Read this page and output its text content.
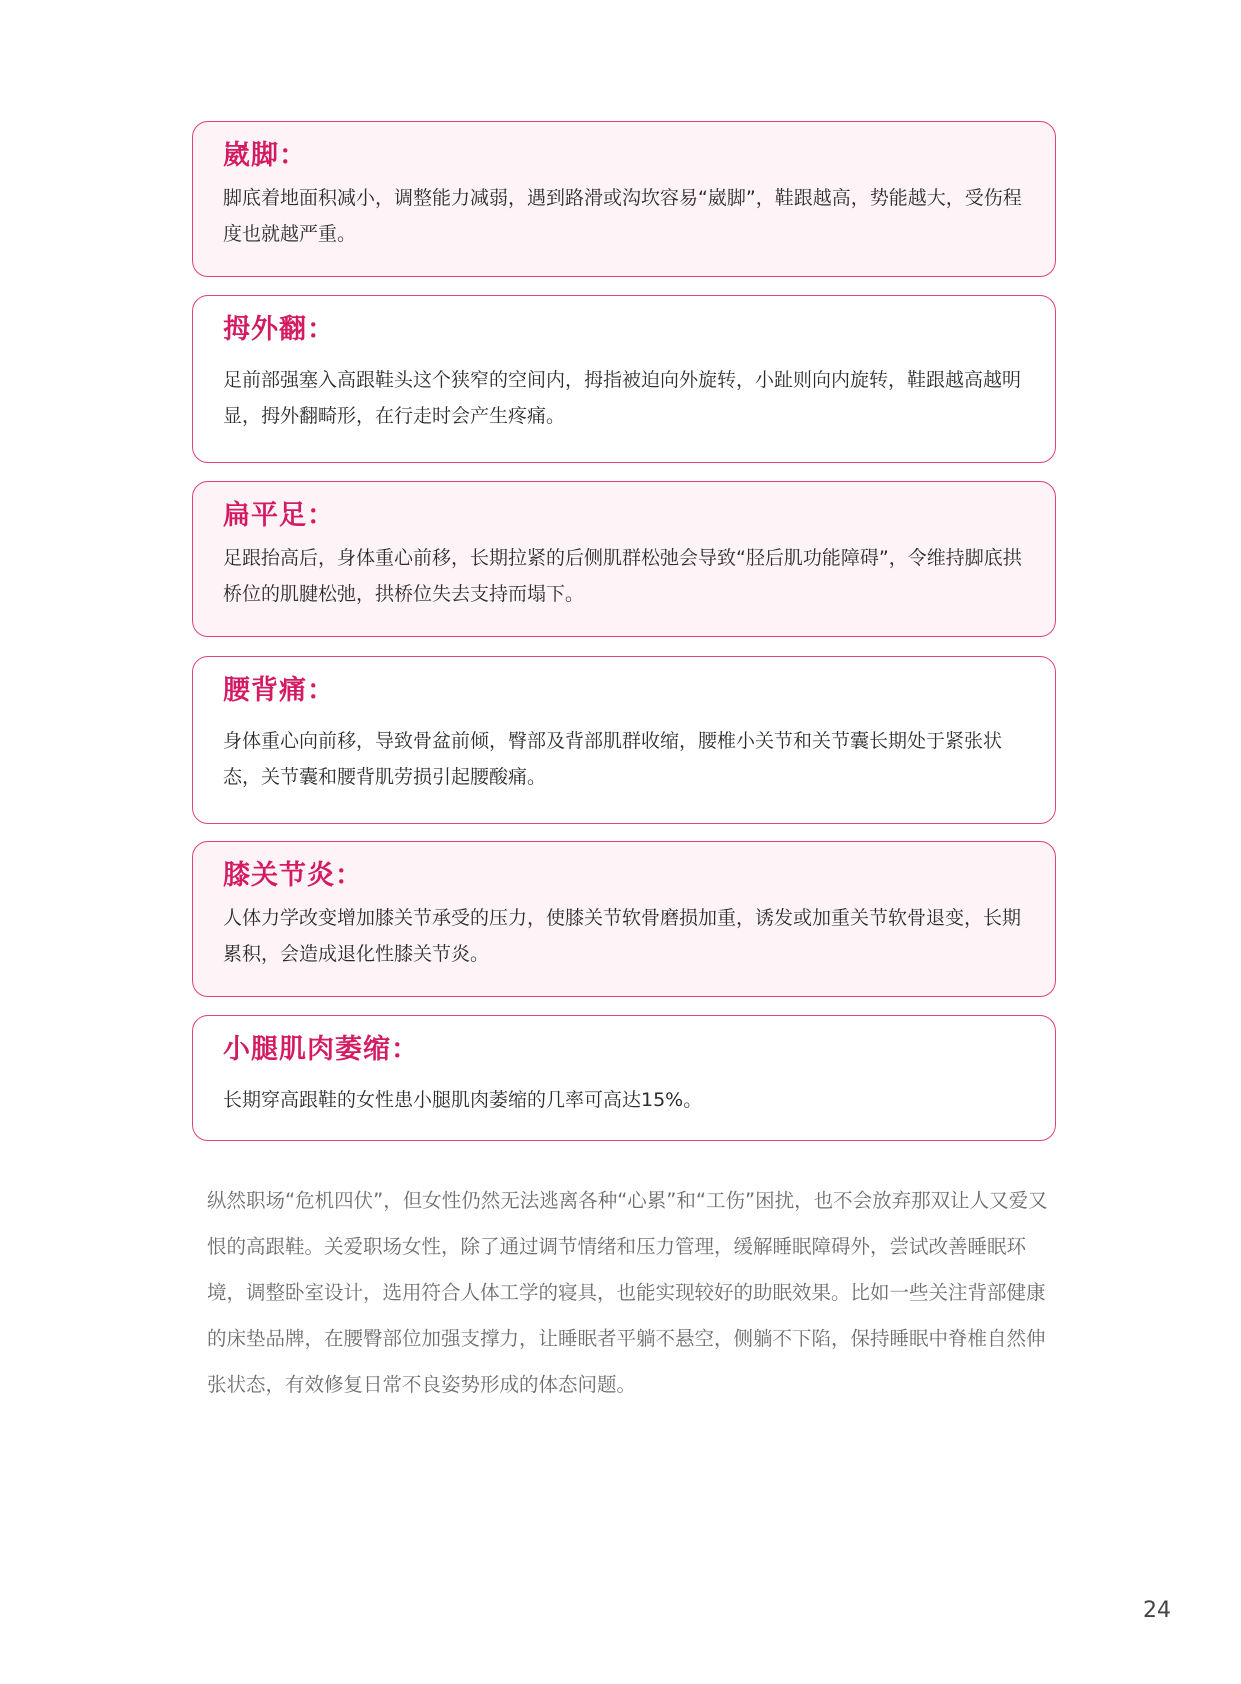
崴脚：

脚底着地面积减小，调整能力减弱，遇到路滑或沟坎容易“崴脚”，鞋跟越高，势能越大，受伤程度也就越严重。

拇外翻：

足前部强塞入高跟鞋头这个狭窄的空间内，拇指被迫向外旋转，小趾则向内旋转，鞋跟越高越明显，拇外翻畸形，在行走时会产生疼痛。

扁平足：

足跟抬高后，身体重心前移，长期拉紧的后侧肌群松弛会导致“胫后肌功能障碍”，令维持脚底拱桥位的肌腱松弛，拱桥位失去支持而塌下。

腰背痛：

身体重心向前移，导致骨盆前倾，臀部及背部肌群收缩，腰椎小关节和关节囊长期处于紧张状态，关节囊和腰背肌劳损引起腰酸痛。

膝关节炎：

人体力学改变增加膝关节承受的压力，使膝关节软骨磨损加重，诱发或加重关节软骨退变，长期累积，会造成退化性膝关节炎。

小腿肌肉萎缩：

长期穿高跟鞋的女性患小腿肌肉萎缩的几率可高达15%。

纵然职场“危机四伏”，但女性仍然无法逃离各种“心累”和“工伤”困扰，也不会放弃那双让人又爱又恨的高跟鞋。关爱职场女性，除了通过调节情绪和压力管理，缓解睡眠障碍外，尝试改善睡眠环境，调整卧室设计，选用符合人体工学的寝具，也能实现较好的助眠效果。比如一些关注背部健康的床垫品牌，在腰臀部位加强支撑力，让睡眠者平躺不悬空，侧躺不下陷，保持睡眠中脊椎自然伸张状态，有效修复日常不良姿势形成的体态问题。

24
